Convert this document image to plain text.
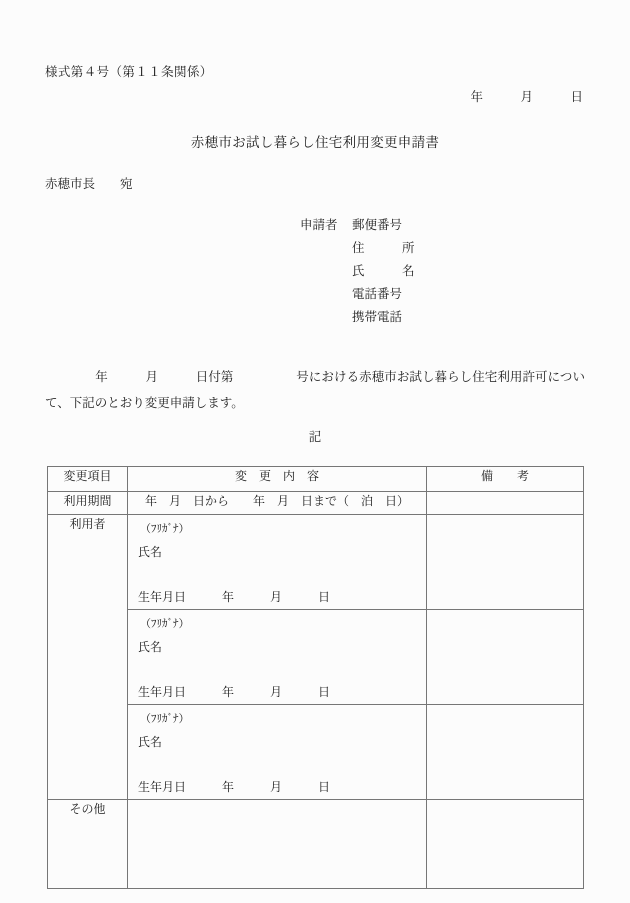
様式第４号（第１１条関係）
年　　　月　　　日
赤穂市お試し暮らし住宅利用変更申請書
赤穂市長　　宛
申請者	郵便番号
住　　　所
氏　　　名
電話番号
携帯電話
　　　　年　　　月　　　日付第　　　　　号における赤穂市お試し暮らし住宅利用許可について、下記のとおり変更申請します。
記
変更項目	変　更　内　容	備　　考
利用期間	年　月　日から　　年　月　日まで（　泊　日）	
利用者	（ﾌﾘｶﾞﾅ）

氏名

生年月日　　　年　　　月　　　日	

	（ﾌﾘｶﾞﾅ）

氏名

生年月日　　　年　　　月　　　日	

	（ﾌﾘｶﾞﾅ）

氏名

生年月日　　　年　　　月　　　日	

その他		
